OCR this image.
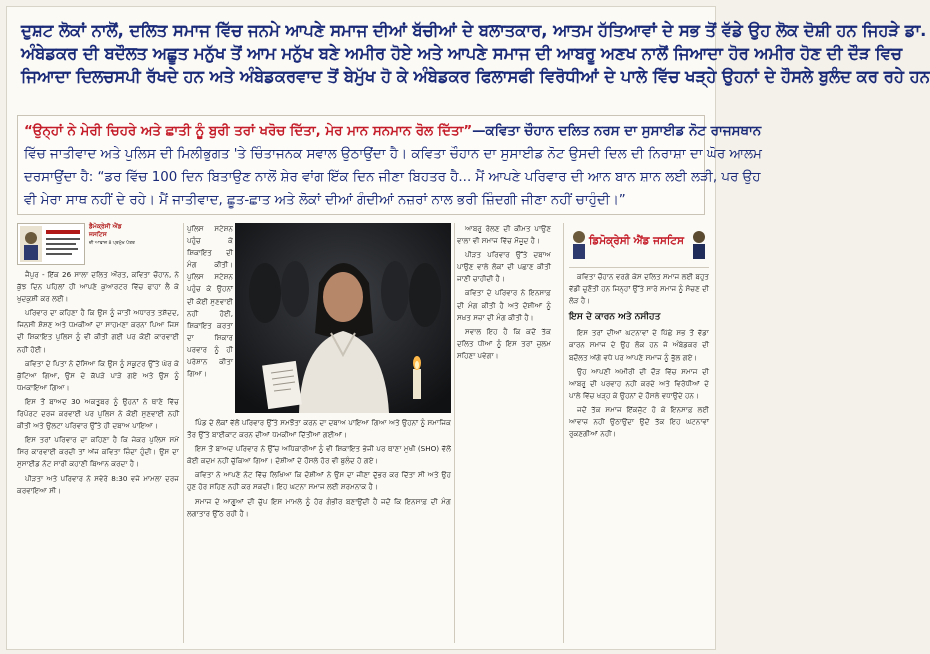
ਦੁਸ਼ਟ ਲੋਕਾਂ ਨਾਲੋਂ, ਦਲਿਤ ਸਮਾਜ ਵਿੱਚ ਜਨਮੇ ਆਪਣੇ ਸਮਾਜ ਦੀਆਂ ਬੱਚੀਆਂ ਦੇ ਬਲਾਤਕਾਰ, ਆਤਮ ਹੱਤਿਆਵਾਂ ਦੇ ਸਭ ਤੋਂ ਵੱਡੇ ਉਹ ਲੋਕ ਦੋਸ਼ੀ ਹਨ ਜਿਹੜੇ ਡਾ.
ਅੰਬੇਡਕਰ ਦੀ ਬਦੌਲਤ ਅਛੂਤ ਮਨੁੱਖ ਤੋਂ ਆਮ ਮਨੁੱਖ ਬਣੇ ਅਮੀਰ ਹੋਏ ਅਤੇ ਆਪਣੇ ਸਮਾਜ ਦੀ ਆਬਰੂ ਅਣਖ ਨਾਲੋਂ ਜਿਆਦਾ ਹੋਰ ਅਮੀਰ ਹੋਣ ਦੀ ਦੌੜ ਵਿਚ
ਜਿਆਦਾ ਦਿਲਚਸਪੀ ਰੱਖਦੇ ਹਨ ਅਤੇ ਅੰਬੇਡਕਰਵਾਦ ਤੋਂ ਬੇਮੁੱਖ ਹੋ ਕੇ ਅੰਬੇਡਕਰ ਫਿਲਾਸਫੀ ਵਿਰੋਧੀਆਂ ਦੇ ਪਾਲੇ ਵਿੱਚ ਖੜ੍ਹੇ ਉਹਨਾਂ ਦੇ ਹੌਸਲੇ ਬੁਲੰਦ ਕਰ ਰਹੇ ਹਨ
“ਉਨ੍ਹਾਂ ਨੇ ਮੇਰੀ ਚਿਹਰੇ ਅਤੇ ਛਾਤੀ ਨੂੰ ਬੁਰੀ ਤਰਾਂ ਖਰੋਚ ਦਿੱਤਾ, ਮੇਰ ਮਾਨ ਸਨਮਾਨ ਰੋਲ ਦਿੱਤਾ”—ਕਵਿਤਾ ਚੌਹਾਨ ਦਲਿਤ ਨਰਸ ਦਾ ਸੁਸਾਈਡ ਨੋਟ ਰਾਜਸਥਾਨ
ਵਿੱਚ ਜਾਤੀਵਾਦ ਅਤੇ ਪੁਲਿਸ ਦੀ ਮਿਲੀਭੁਗਤ 'ਤੇ ਚਿੰਤਾਜਨਕ ਸਵਾਲ ਉਠਾਉਂਦਾ ਹੈ। ਕਵਿਤਾ ਚੌਹਾਨ ਦਾ ਸੁਸਾਈਡ ਨੋਟ ਉਸਦੀ ਦਿਲ ਦੀ ਨਿਰਾਸ਼ਾ ਦਾ ਘੋਰ ਆਲਮ
ਦਰਸਾਉਂਦਾ ਹੈ: “ਡਰ ਵਿੱਚ 100 ਦਿਨ ਬਿਤਾਉਣ ਨਾਲੋਂ ਸ਼ੇਰ ਵਾਂਗ ਇੱਕ ਦਿਨ ਜੀਣਾ ਬਿਹਤਰ ਹੈ... ਮੈਂ ਆਪਣੇ ਪਰਿਵਾਰ ਦੀ ਆਨ ਬਾਨ ਸ਼ਾਨ ਲਈ ਲੜੀ, ਪਰ ਉਹ
ਵੀ ਮੇਰਾ ਸਾਥ ਨਹੀਂ ਦੇ ਰਹੇ। ਮੈਂ ਜਾਤੀਵਾਦ, ਛੂਤ-ਛਾਤ ਅਤੇ ਲੋਕਾਂ ਦੀਆਂ ਗੰਦੀਆਂ ਨਜ਼ਰਾਂ ਨਾਲ ਭਰੀ ਜ਼ਿੰਦਗੀ ਜੀਣਾ ਨਹੀਂ ਚਾਹੁੰਦੀ।”
ਡੈਮੋਕ੍ਰੇਸੀ ਐਂਡ ਜਸਟਿਸ
ਦੀ ਆਵਾਜ਼ 8 ਪ੍ਰਮੁੱਖ ਪੱਤਰ

ਜੈਪੁਰ - ਇੱਕ 26 ਸਾਲਾ ਦਲਿਤ ਔਰਤ, ਕਵਿਤਾ ਚੌਹਾਨ, ਨੇ ਕੁੱਝ ਦਿਨ ਪਹਿਲਾਂ ਹੀ ਆਪਣੇ ਕੁਆਰਟਰ ਵਿੱਚ ਫਾਹਾ ਲੈ ਕੇ ਖੁਦਕੁਸ਼ੀ ਕਰ ਲਈ।

ਪਰਿਵਾਰ ਦਾ ਕਹਿਣਾ ਹੈ ਕਿ ਉਸ ਨੂੰ ਜਾਤੀ ਅਧਾਰਤ ਤਸ਼ੱਦਦ, ਜਿਨਸੀ ਸ਼ੋਸ਼ਣ ਅਤੇ ਧਮਕੀਆਂ ਦਾ ਸਾਹਮਣਾ ਕਰਨਾ ਪਿਆ ਜਿਸ ਦੀ ਸ਼ਿਕਾਇਤ ਪੁਲਿਸ ਨੂੰ ਵੀ ਕੀਤੀ ਗਈ ਪਰ ਕੋਈ ਕਾਰਵਾਈ ਨਹੀਂ ਹੋਈ।

ਕਵਿਤਾ ਦੇ ਪਿਤਾ ਨੇ ਦੱਸਿਆ ਕਿ ਉਸ ਨੂੰ ਸਕੂਟਰ ਉੱਤੇ ਘੇਰ ਕੇ ਕੁੱਟਿਆ ਗਿਆ, ਉਸ ਦੇ ਕੱਪੜੇ ਪਾੜੇ ਗਏ ਅਤੇ ਉਸ ਨੂੰ ਧਮਕਾਇਆ ਗਿਆ।

ਇਸ ਤੋਂ ਬਾਅਦ 30 ਅਕਤੂਬਰ ਨੂੰ ਉਹਨਾਂ ਨੇ ਥਾਣੇ ਵਿੱਚ ਰਿਪੋਰਟ ਦਰਜ ਕਰਵਾਈ ਪਰ ਪੁਲਿਸ ਨੇ ਕੋਈ ਸੁਣਵਾਈ ਨਹੀਂ ਕੀਤੀ ਅਤੇ ਉਲਟਾ ਪਰਿਵਾਰ ਉੱਤੇ ਹੀ ਦਬਾਅ ਪਾਇਆ।

ਇਸ ਤਰਾਂ ਪਰਿਵਾਰ ਦਾ ਕਹਿਣਾ ਹੈ ਕਿ ਜੇਕਰ ਪੁਲਿਸ ਸਮੇਂ ਸਿਰ ਕਾਰਵਾਈ ਕਰਦੀ ਤਾਂ ਅੱਜ ਕਵਿਤਾ ਜ਼ਿੰਦਾ ਹੁੰਦੀ। ਉਸ ਦਾ ਸੁਸਾਈਡ ਨੋਟ ਸਾਰੀ ਕਹਾਣੀ ਬਿਆਨ ਕਰਦਾ ਹੈ।

ਪੀੜਤਾ ਅਤੇ ਪਰਿਵਾਰ ਨੇ ਸਵੇਰੇ 8:30 ਵਜੇ ਮਾਮਲਾ ਦਰਜ ਕਰਵਾਇਆ ਸੀ।

ਪੁਲਿਸ ਸਟੇਸ਼ਨ ਪਹੁੰਚ ਕੇ ਸ਼ਿਕਾਇਤ ਦੀ ਮੰਗ ਕੀਤੀ। ਪੁਲਿਸ ਸਟੇਸ਼ਨ ਪਹੁੰਚ ਕੇ ਉਹਨਾਂ ਦੀ ਕੋਈ ਸੁਣਵਾਈ ਨਹੀਂ ਹੋਈ, ਸ਼ਿਕਾਇਤ ਕਰਤਾ ਦਾ ਸ਼ਿਕਾਰ ਪਰਵਾਰ ਨੂੰ ਹੀ ਪਰੇਸ਼ਾਨ ਕੀਤਾ ਗਿਆ।

ਪਿੰਡ ਦੇ ਲੋਕਾਂ ਵੱਲੋਂ ਪਰਿਵਾਰ ਉੱਤੇ ਸਮਝੌਤਾ ਕਰਨ ਦਾ ਦਬਾਅ ਪਾਇਆ ਗਿਆ ਅਤੇ ਉਹਨਾਂ ਨੂੰ ਸਮਾਜਿਕ ਤੌਰ ਉੱਤੇ ਬਾਈਕਾਟ ਕਰਨ ਦੀਆਂ ਧਮਕੀਆਂ ਦਿੱਤੀਆਂ ਗਈਆਂ।

ਇਸ ਤੋਂ ਬਾਅਦ ਪਰਿਵਾਰ ਨੇ ਉੱਚ ਅਧਿਕਾਰੀਆਂ ਨੂੰ ਵੀ ਸ਼ਿਕਾਇਤ ਭੇਜੀ ਪਰ ਥਾਣਾ ਮੁਖੀ (SHO) ਵੱਲੋਂ ਕੋਈ ਕਦਮ ਨਹੀਂ ਚੁੱਕਿਆ ਗਿਆ। ਦੋਸ਼ੀਆਂ ਦੇ ਹੌਸਲੇ ਹੋਰ ਵੀ ਬੁਲੰਦ ਹੋ ਗਏ।

ਕਵਿਤਾ ਨੇ ਆਪਣੇ ਨੋਟ ਵਿੱਚ ਲਿਖਿਆ ਕਿ ਦੋਸ਼ੀਆਂ ਨੇ ਉਸ ਦਾ ਜੀਣਾ ਦੁੱਭਰ ਕਰ ਦਿੱਤਾ ਸੀ ਅਤੇ ਉਹ ਹੁਣ ਹੋਰ ਸਹਿਣ ਨਹੀਂ ਕਰ ਸਕਦੀ। ਇਹ ਘਟਨਾ ਸਮਾਜ ਲਈ ਸ਼ਰਮਨਾਕ ਹੈ।

ਸਮਾਜ ਦੇ ਆਗੂਆਂ ਦੀ ਚੁੱਪ ਇਸ ਮਾਮਲੇ ਨੂੰ ਹੋਰ ਗੰਭੀਰ ਬਣਾਉਂਦੀ ਹੈ ਜਦੋਂ ਕਿ ਇਨਸਾਫ਼ ਦੀ ਮੰਗ ਲਗਾਤਾਰ ਉੱਠ ਰਹੀ ਹੈ।

ਆਬਰੂ ਰੋਲਣ ਦੀ ਕੀਮਤ ਪਾਉਣ ਵਾਲਾ ਵੀ ਸਮਾਜ ਵਿੱਚ ਮੌਜੂਦ ਹੈ।

ਪੀੜਤ ਪਰਿਵਾਰ ਉੱਤੇ ਦਬਾਅ ਪਾਉਣ ਵਾਲੇ ਲੋਕਾਂ ਦੀ ਪਛਾਣ ਕੀਤੀ ਜਾਣੀ ਚਾਹੀਦੀ ਹੈ।

ਕਵਿਤਾ ਦੇ ਪਰਿਵਾਰ ਨੇ ਇਨਸਾਫ਼ ਦੀ ਮੰਗ ਕੀਤੀ ਹੈ ਅਤੇ ਦੋਸ਼ੀਆਂ ਨੂੰ ਸਖ਼ਤ ਸਜ਼ਾ ਦੀ ਮੰਗ ਕੀਤੀ ਹੈ।

ਸਵਾਲ ਇਹ ਹੈ ਕਿ ਕਦੋਂ ਤੱਕ ਦਲਿਤ ਧੀਆਂ ਨੂੰ ਇਸ ਤਰਾਂ ਜ਼ੁਲਮ ਸਹਿਣਾ ਪਵੇਗਾ।

ਡਿਮੋਕ੍ਰੇਸੀ ਐਂਡ ਜਸਟਿਸ

ਕਵਿਤਾ ਚੌਹਾਨ ਵਰਗੇ ਕੇਸ ਦਲਿਤ ਸਮਾਜ ਲਈ ਬਹੁਤ ਵੱਡੀ ਚੁਣੌਤੀ ਹਨ ਜਿਨ੍ਹਾਂ ਉੱਤੇ ਸਾਰੇ ਸਮਾਜ ਨੂੰ ਸੋਚਣ ਦੀ ਲੋੜ ਹੈ।

ਇਸ ਦੇ ਕਾਰਨ ਅਤੇ ਨਸੀਹਤ

ਇਸ ਤਰਾਂ ਦੀਆਂ ਘਟਨਾਵਾਂ ਦੇ ਪਿੱਛੇ ਸਭ ਤੋਂ ਵੱਡਾ ਕਾਰਨ ਸਮਾਜ ਦੇ ਉਹ ਲੋਕ ਹਨ ਜੋ ਅੰਬੇਡਕਰ ਦੀ ਬਦੌਲਤ ਅੱਗੇ ਵਧੇ ਪਰ ਆਪਣੇ ਸਮਾਜ ਨੂੰ ਭੁੱਲ ਗਏ।

ਉਹ ਆਪਣੀ ਅਮੀਰੀ ਦੀ ਦੌੜ ਵਿੱਚ ਸਮਾਜ ਦੀ ਆਬਰੂ ਦੀ ਪਰਵਾਹ ਨਹੀਂ ਕਰਦੇ ਅਤੇ ਵਿਰੋਧੀਆਂ ਦੇ ਪਾਲੇ ਵਿੱਚ ਖੜ੍ਹ ਕੇ ਉਹਨਾਂ ਦੇ ਹੌਸਲੇ ਵਧਾਉਂਦੇ ਹਨ।

ਜਦੋਂ ਤੱਕ ਸਮਾਜ ਇੱਕਜੁੱਟ ਹੋ ਕੇ ਇਨਸਾਫ਼ ਲਈ ਆਵਾਜ਼ ਨਹੀਂ ਉਠਾਉਂਦਾ ਉਦੋਂ ਤੱਕ ਇਹ ਘਟਨਾਵਾਂ ਰੁਕਣਗੀਆਂ ਨਹੀਂ।
